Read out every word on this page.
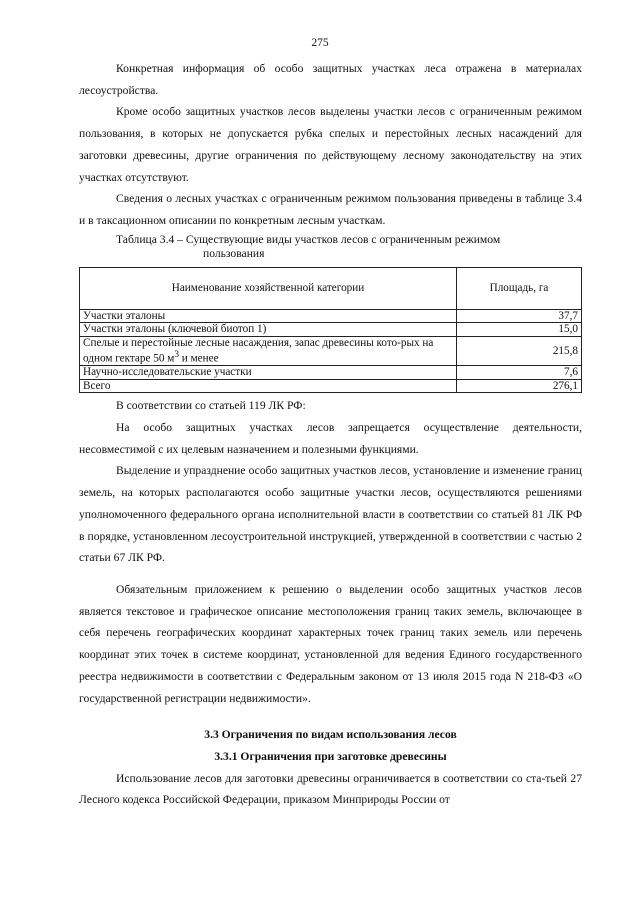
275

Конкретная информация об особо защитных участках леса отражена в материалах лесоустройства.

Кроме особо защитных участков лесов выделены участки лесов с ограниченным режимом пользования, в которых не допускается рубка спелых и перестойных лесных насаждений для заготовки древесины, другие ограничения по действующему лесному законодательству на этих участках отсутствуют.

Сведения о лесных участках с ограниченным режимом пользования приведены в таблице 3.4 и в таксационном описании по конкретным лесным участкам.

Таблица 3.4 – Существующие виды участков лесов с ограниченным режимом
пользования
Наименование хозяйственной категории	Площадь, га
Участки эталоны	37,7
Участки эталоны (ключевой биотоп 1)	15,0
Спелые и перестойные лесные насаждения, запас древесины кото-рых на одном гектаре 50 $м^3$ и менее	215,8
Научно-исследовательские участки	7,6
Всего	276,1

В соответствии со статьей 119 ЛК РФ:

На особо защитных участках лесов запрещается осуществление деятельности, несовместимой с их целевым назначением и полезными функциями.

Выделение и упразднение особо защитных участков лесов, установление и изменение границ земель, на которых располагаются особо защитные участки лесов, осуществляются решениями уполномоченного федерального органа исполнительной власти в соответствии со статьей 81 ЛК РФ в порядке, установленном лесоустроительной инструкцией, утвержденной в соответствии с частью 2 статьи 67 ЛК РФ.

Обязательным приложением к решению о выделении особо защитных участков лесов является текстовое и графическое описание местоположения границ таких земель, включающее в себя перечень географических координат характерных точек границ таких земель или перечень координат этих точек в системе координат, установленной для ведения Единого государственного реестра недвижимости в соответствии с Федеральным законом от 13 июля 2015 года N 218-ФЗ «О государственной регистрации недвижимости».

3.3 Ограничения по видам использования лесов

3.3.1 Ограничения при заготовке древесины

Использование лесов для заготовки древесины ограничивается в соответствии со ста-тьей 27 Лесного кодекса Российской Федерации, приказом Минприроды России от
